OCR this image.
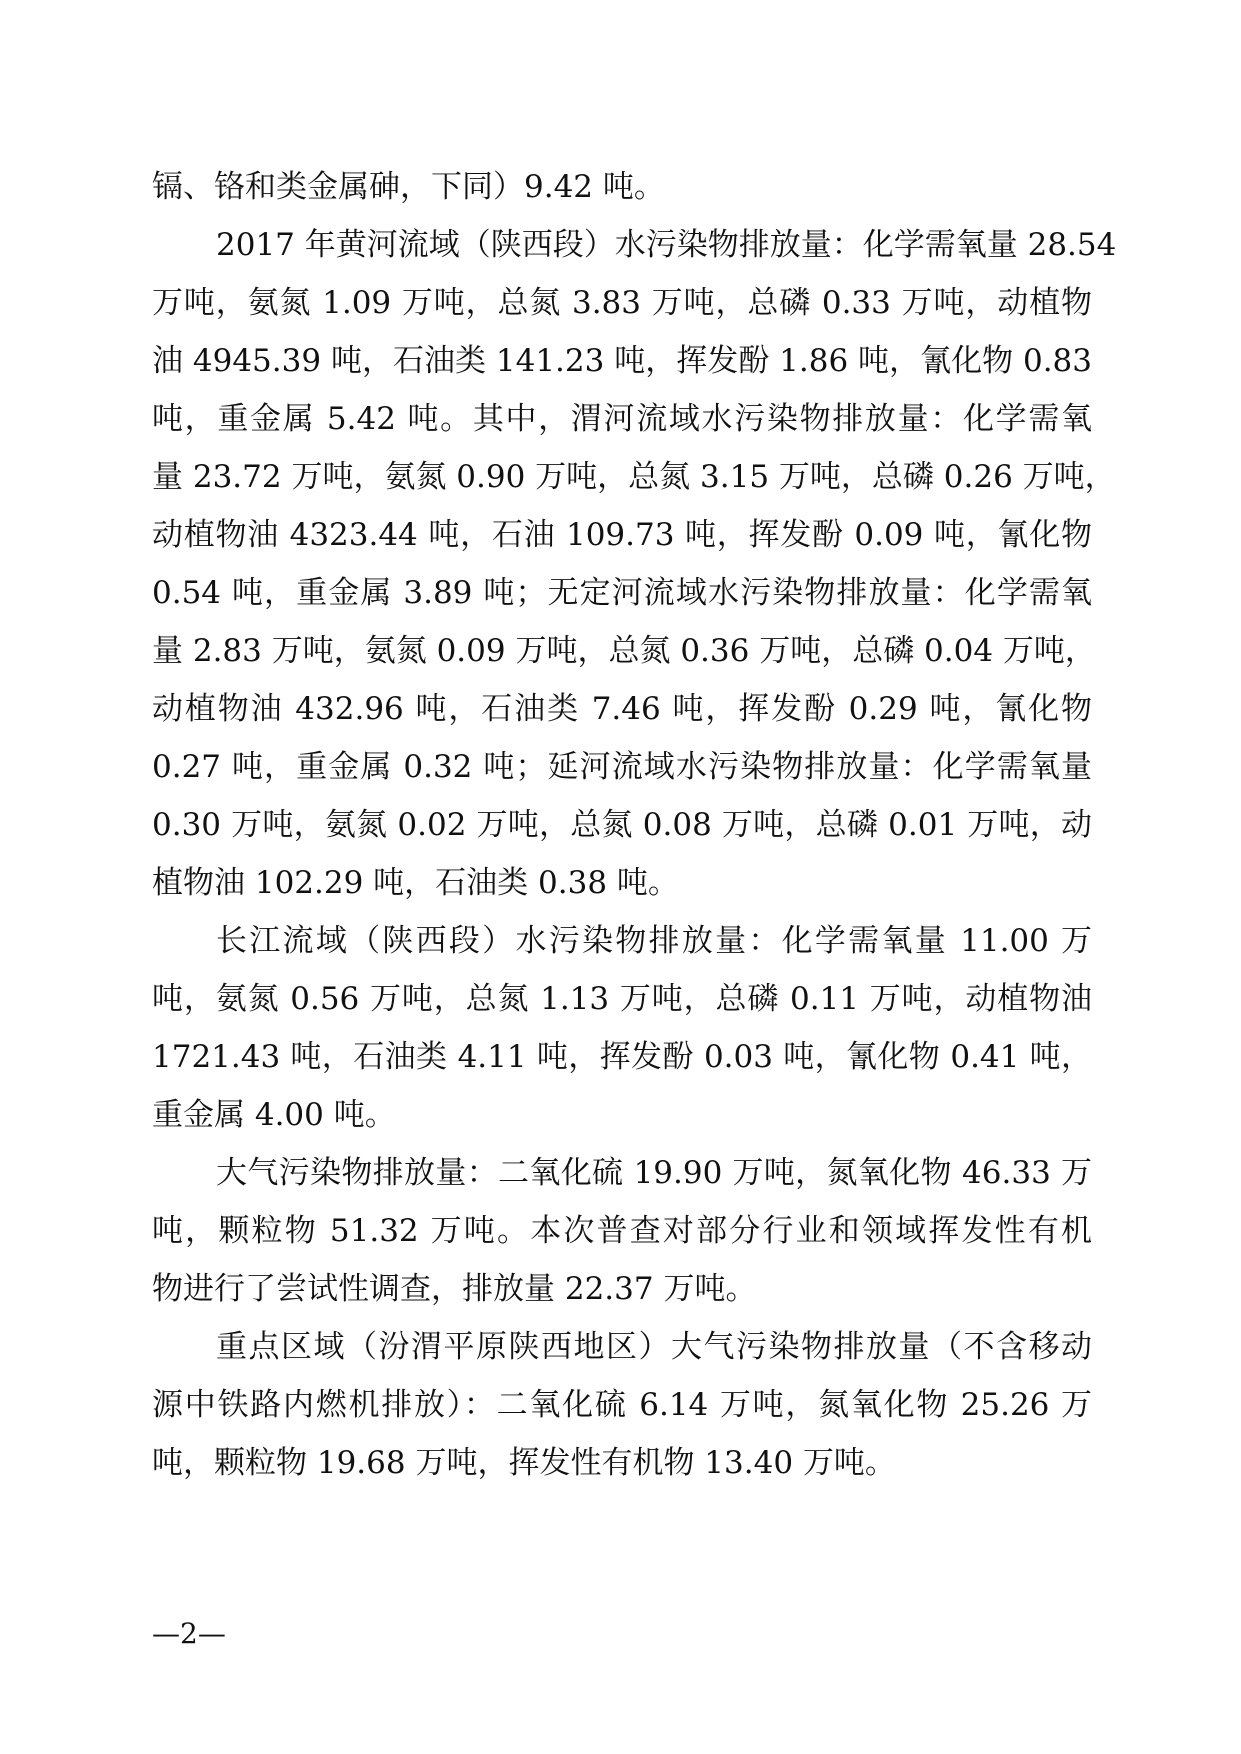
镉、铬和类金属砷，下同）9.42 吨。
2017 年黄河流域（陕西段）水污染物排放量：化学需氧量 28.54
万吨，氨氮 1.09 万吨，总氮 3.83 万吨，总磷 0.33 万吨，动植物
油 4945.39 吨，石油类 141.23 吨，挥发酚 1.86 吨，氰化物 0.83
吨，重金属 5.42 吨。其中，渭河流域水污染物排放量：化学需氧
量 23.72 万吨，氨氮 0.90 万吨，总氮 3.15 万吨，总磷 0.26 万吨，
动植物油 4323.44 吨，石油 109.73 吨，挥发酚 0.09 吨，氰化物
0.54 吨，重金属 3.89 吨；无定河流域水污染物排放量：化学需氧
量 2.83 万吨，氨氮 0.09 万吨，总氮 0.36 万吨，总磷 0.04 万吨，
动植物油 432.96 吨，石油类 7.46 吨，挥发酚 0.29 吨，氰化物
0.27 吨，重金属 0.32 吨；延河流域水污染物排放量：化学需氧量
0.30 万吨，氨氮 0.02 万吨，总氮 0.08 万吨，总磷 0.01 万吨，动
植物油 102.29 吨，石油类 0.38 吨。
长江流域（陕西段）水污染物排放量：化学需氧量 11.00 万
吨，氨氮 0.56 万吨，总氮 1.13 万吨，总磷 0.11 万吨，动植物油
1721.43 吨，石油类 4.11 吨，挥发酚 0.03 吨，氰化物 0.41 吨，
重金属 4.00 吨。
大气污染物排放量：二氧化硫 19.90 万吨，氮氧化物 46.33 万
吨，颗粒物 51.32 万吨。本次普查对部分行业和领域挥发性有机
物进行了尝试性调查，排放量 22.37 万吨。
重点区域（汾渭平原陕西地区）大气污染物排放量（不含移动
源中铁路内燃机排放）：二氧化硫 6.14 万吨，氮氧化物 25.26 万
吨，颗粒物 19.68 万吨，挥发性有机物 13.40 万吨。
—2—
